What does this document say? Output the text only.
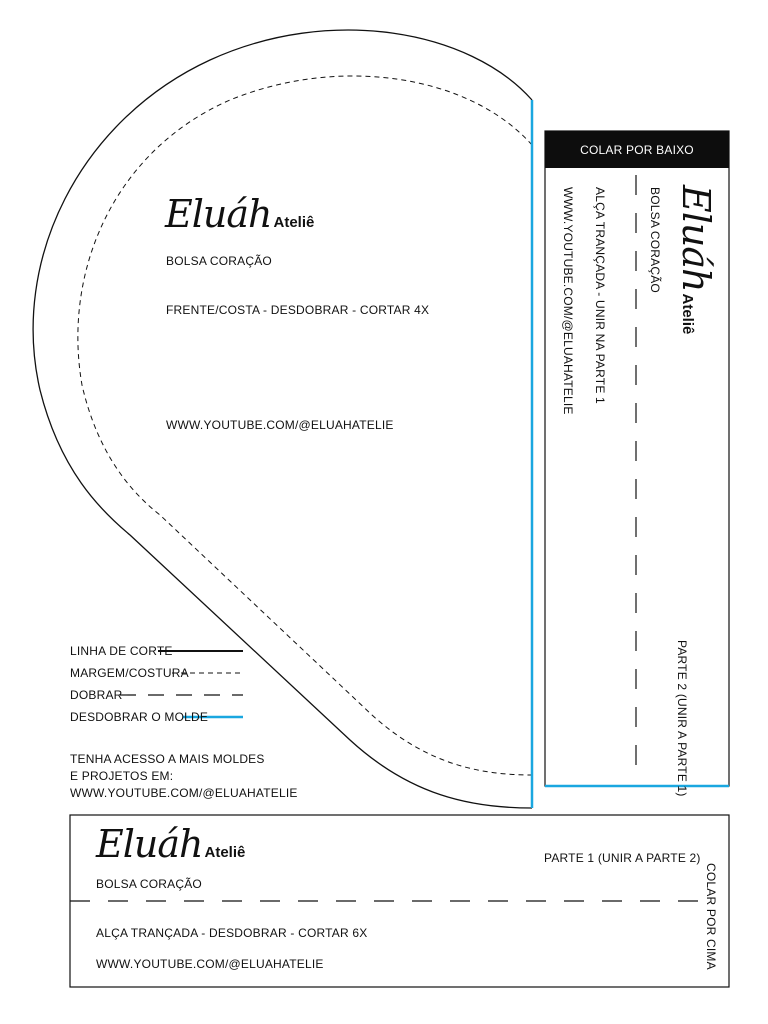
Eluáh Ateliê
BOLSA CORAÇÃO
FRENTE/COSTA - DESDOBRAR - CORTAR 4X
WWW.YOUTUBE.COM/@ELUAHATELIE
LINHA DE CORTE
MARGEM/COSTURA
DOBRAR
DESDOBRAR O MOLDE
TENHA ACESSO A MAIS MOLDES
E PROJETOS EM:
WWW.YOUTUBE.COM/@ELUAHATELIE
COLAR POR BAIXO
EluáhAteliê
BOLSA CORAÇÃO
ALÇA TRANÇADA - UNIR NA PARTE 1
WWW.YOUTUBE.COM/@ELUAHATELIE
PARTE 2 (UNIR A PARTE 1)
Eluáh Ateliê
BOLSA CORAÇÃO
PARTE 1 (UNIR A PARTE 2)
ALÇA TRANÇADA - DESDOBRAR - CORTAR 6X
WWW.YOUTUBE.COM/@ELUAHATELIE	COLAR POR CIMA
